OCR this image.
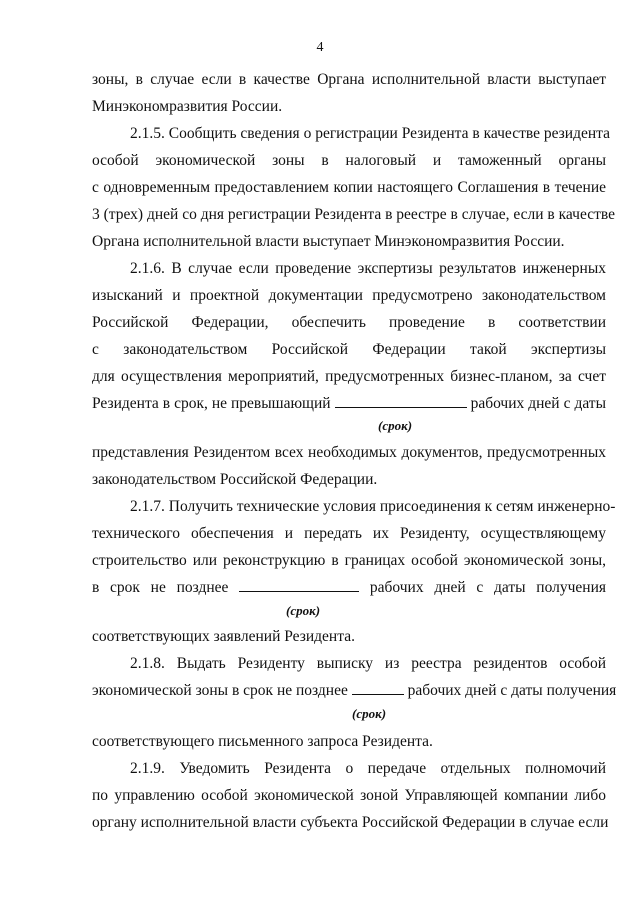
4
зоны, в случае если в качестве Органа исполнительной власти выступает
Минэкономразвития России.
2.1.5. Сообщить сведения о регистрации Резидента в качестве резидента
особой экономической зоны в налоговый и таможенный органы
с одновременным предоставлением копии настоящего Соглашения в течение
3 (трех) дней со дня регистрации Резидента в реестре в случае, если в качестве
Органа исполнительной власти выступает Минэкономразвития России.
2.1.6. В случае если проведение экспертизы результатов инженерных
изысканий и проектной документации предусмотрено законодательством
Российской Федерации, обеспечить проведение в соответствии
с законодательством Российской Федерации такой экспертизы
для осуществления мероприятий, предусмотренных бизнес-планом, за счет
Резидента в срок, не превышающий	рабочих дней с даты
(срок)
представления Резидентом всех необходимых документов, предусмотренных
законодательством Российской Федерации.
2.1.7. Получить технические условия присоединения к сетям инженерно-
технического обеспечения и передать их Резиденту, осуществляющему
строительство или реконструкцию в границах особой экономической зоны,
в срок не позднее	рабочих дней с даты получения
(срок)
соответствующих заявлений Резидента.
2.1.8. Выдать Резиденту выписку из реестра резидентов особой
экономической зоны в срок не позднее	рабочих дней с даты получения
(срок)
соответствующего письменного запроса Резидента.
2.1.9. Уведомить Резидента о передаче отдельных полномочий
по управлению особой экономической зоной Управляющей компании либо
органу исполнительной власти субъекта Российской Федерации в случае если
